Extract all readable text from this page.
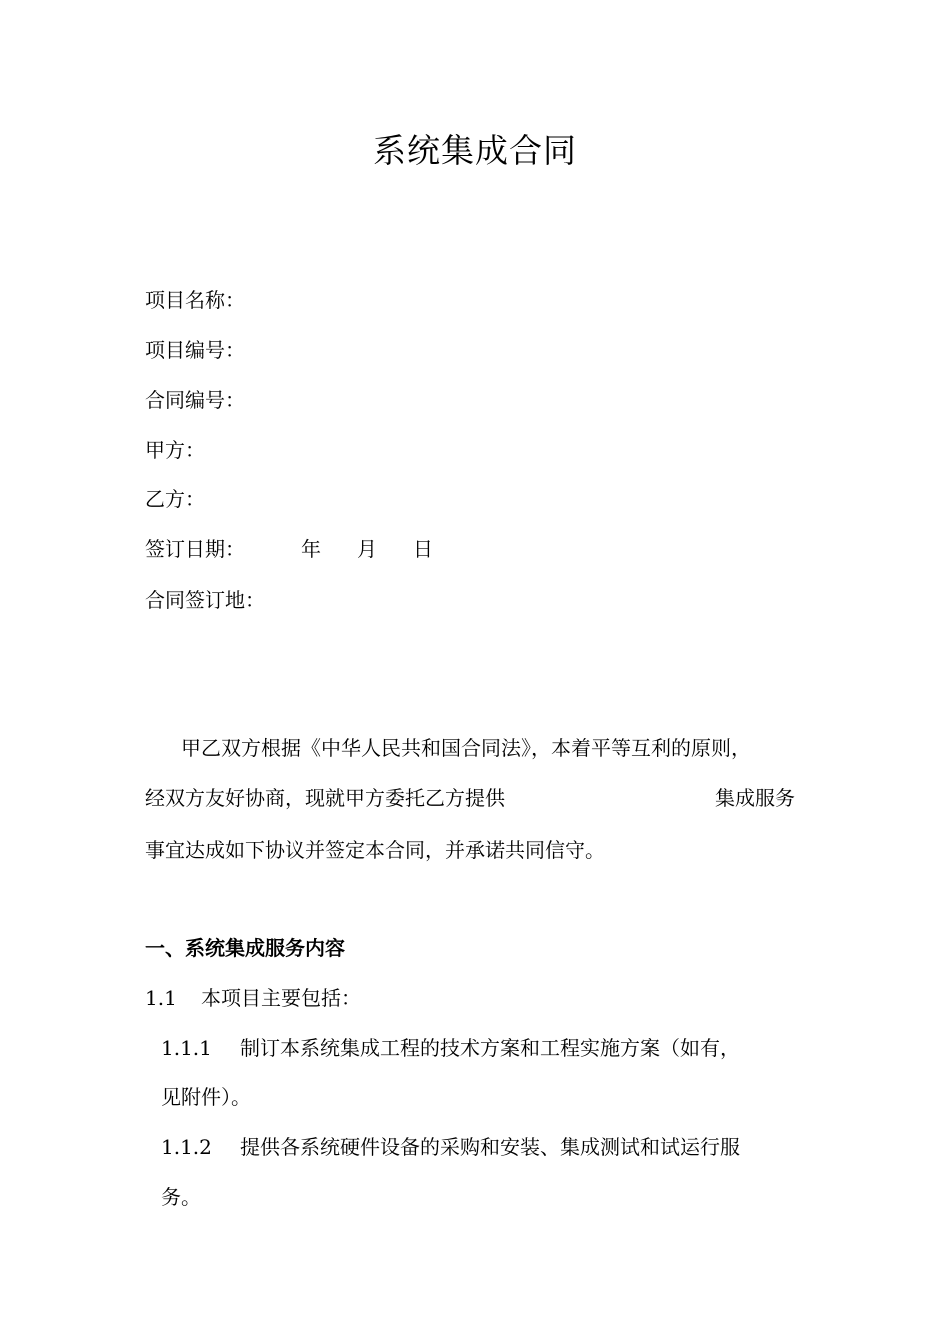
系统集成合同
项目名称：
项目编号：
合同编号：
甲方：
乙方：
签订日期：	年 月 日
合同签订地：
甲乙双方根据《中华人民共和国合同法》，本着平等互利的原则，
经双方友好协商，现就甲方委托乙方提供	集成服务
事宜达成如下协议并签定本合同，并承诺共同信守。
一、系统集成服务内容
1.1 本项目主要包括：
1.1.1 制订本系统集成工程的技术方案和工程实施方案（如有，
见附件）。
1.1.2 提供各系统硬件设备的采购和安装、集成测试和试运行服
务。
